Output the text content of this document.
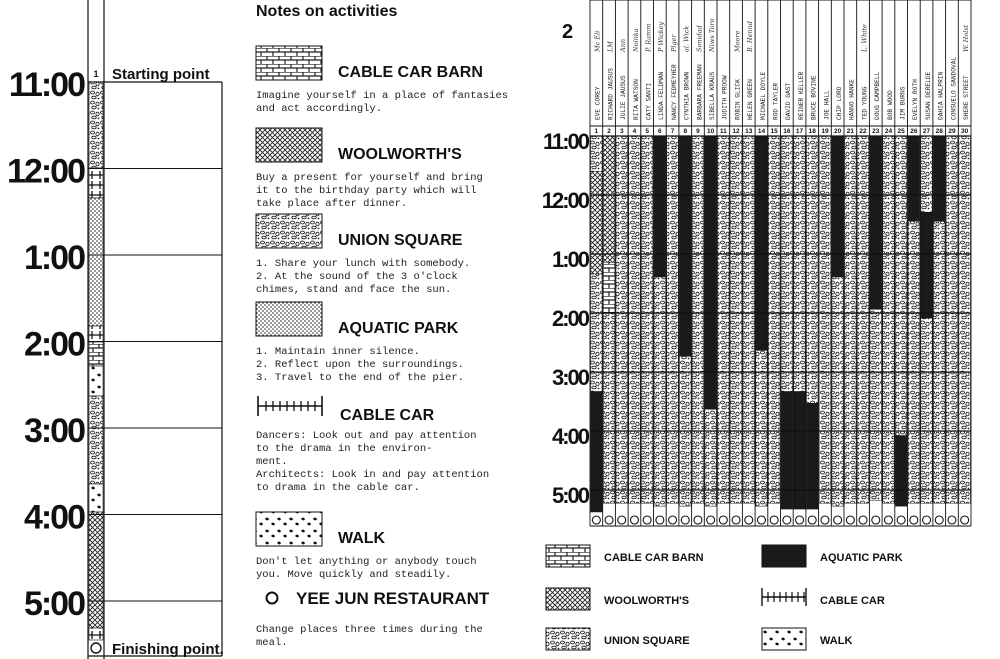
11:00
12:00
1:00
2:00
3:00
4:00
5:00
1 Starting point
Finishing point,
Notes on activities
CABLE CAR BARN
Imagine yourself in a place of fantasies
and act accordingly.
WOOLWORTH'S
Buy a present for yourself and bring
it to the birthday party which will
take place after dinner.
UNION SQUARE
1. Share your lunch with somebody.
2. At the sound of the 3 o'clock
chimes, stand and face the sun.
AQUATIC PARK
1. Maintain inner silence.
2. Reflect upon the surroundings.
3. Travel to the end of the pier.
CABLE CAR
Dancers: Look out and pay attention
to the drama in the environ-
ment.
Architects: Look in and pay attention
to drama in the cable car.
WALK
Don't let anything or anybody touch
you. Move quickly and steadily.
YEE JUN RESTAURANT
Change places three times during the
meal.
2
EVE COREY
Mc Eli
1
RICHARD JAUSUS
LM
2
JULIE JAUSUS
Ann
3
RITA WATSON
Noinka
4
CATY SANTI
P. Ramm
5
LINDA FELDMAN
P Wickey
6
NANCY FEDMEYHER
Plger
7
CYNTHIA BROWN
al. Wick
8
BARBARA FREEMAN
Sonidad
9
SIBELLA KRAUS
Niws Toro
10
JUDITH PROOW
11
ROBIN GLICK
Moore
12
HELEN GREEN
B. Hennd
13
MICHAEL DOYLE
14
ROD TAYLER
15
DAVID GAST
16
REINER KELLER
17
BRUCE BOVINE
18
JOE HALL
19
CHIP LORD
20
HANNO HANKE
21
TED YOUNG
L. White
22
DOUG CAMPBELL
23
BOB WOOD
24
JIM BURNS
25
EVELYN ROTH
26
SUSAN DERELDE
27
DAHIA HALPRIN
28
CONSUELO SANDOVAL
29
SHERE STREET
W. Holst
30
11:00
12:00
1:00
2:00
3:00
4:00
5:00
CABLE CAR BARN	AQUATIC PARK
WOOLWORTH'S	CABLE CAR
UNION SQUARE	WALK
